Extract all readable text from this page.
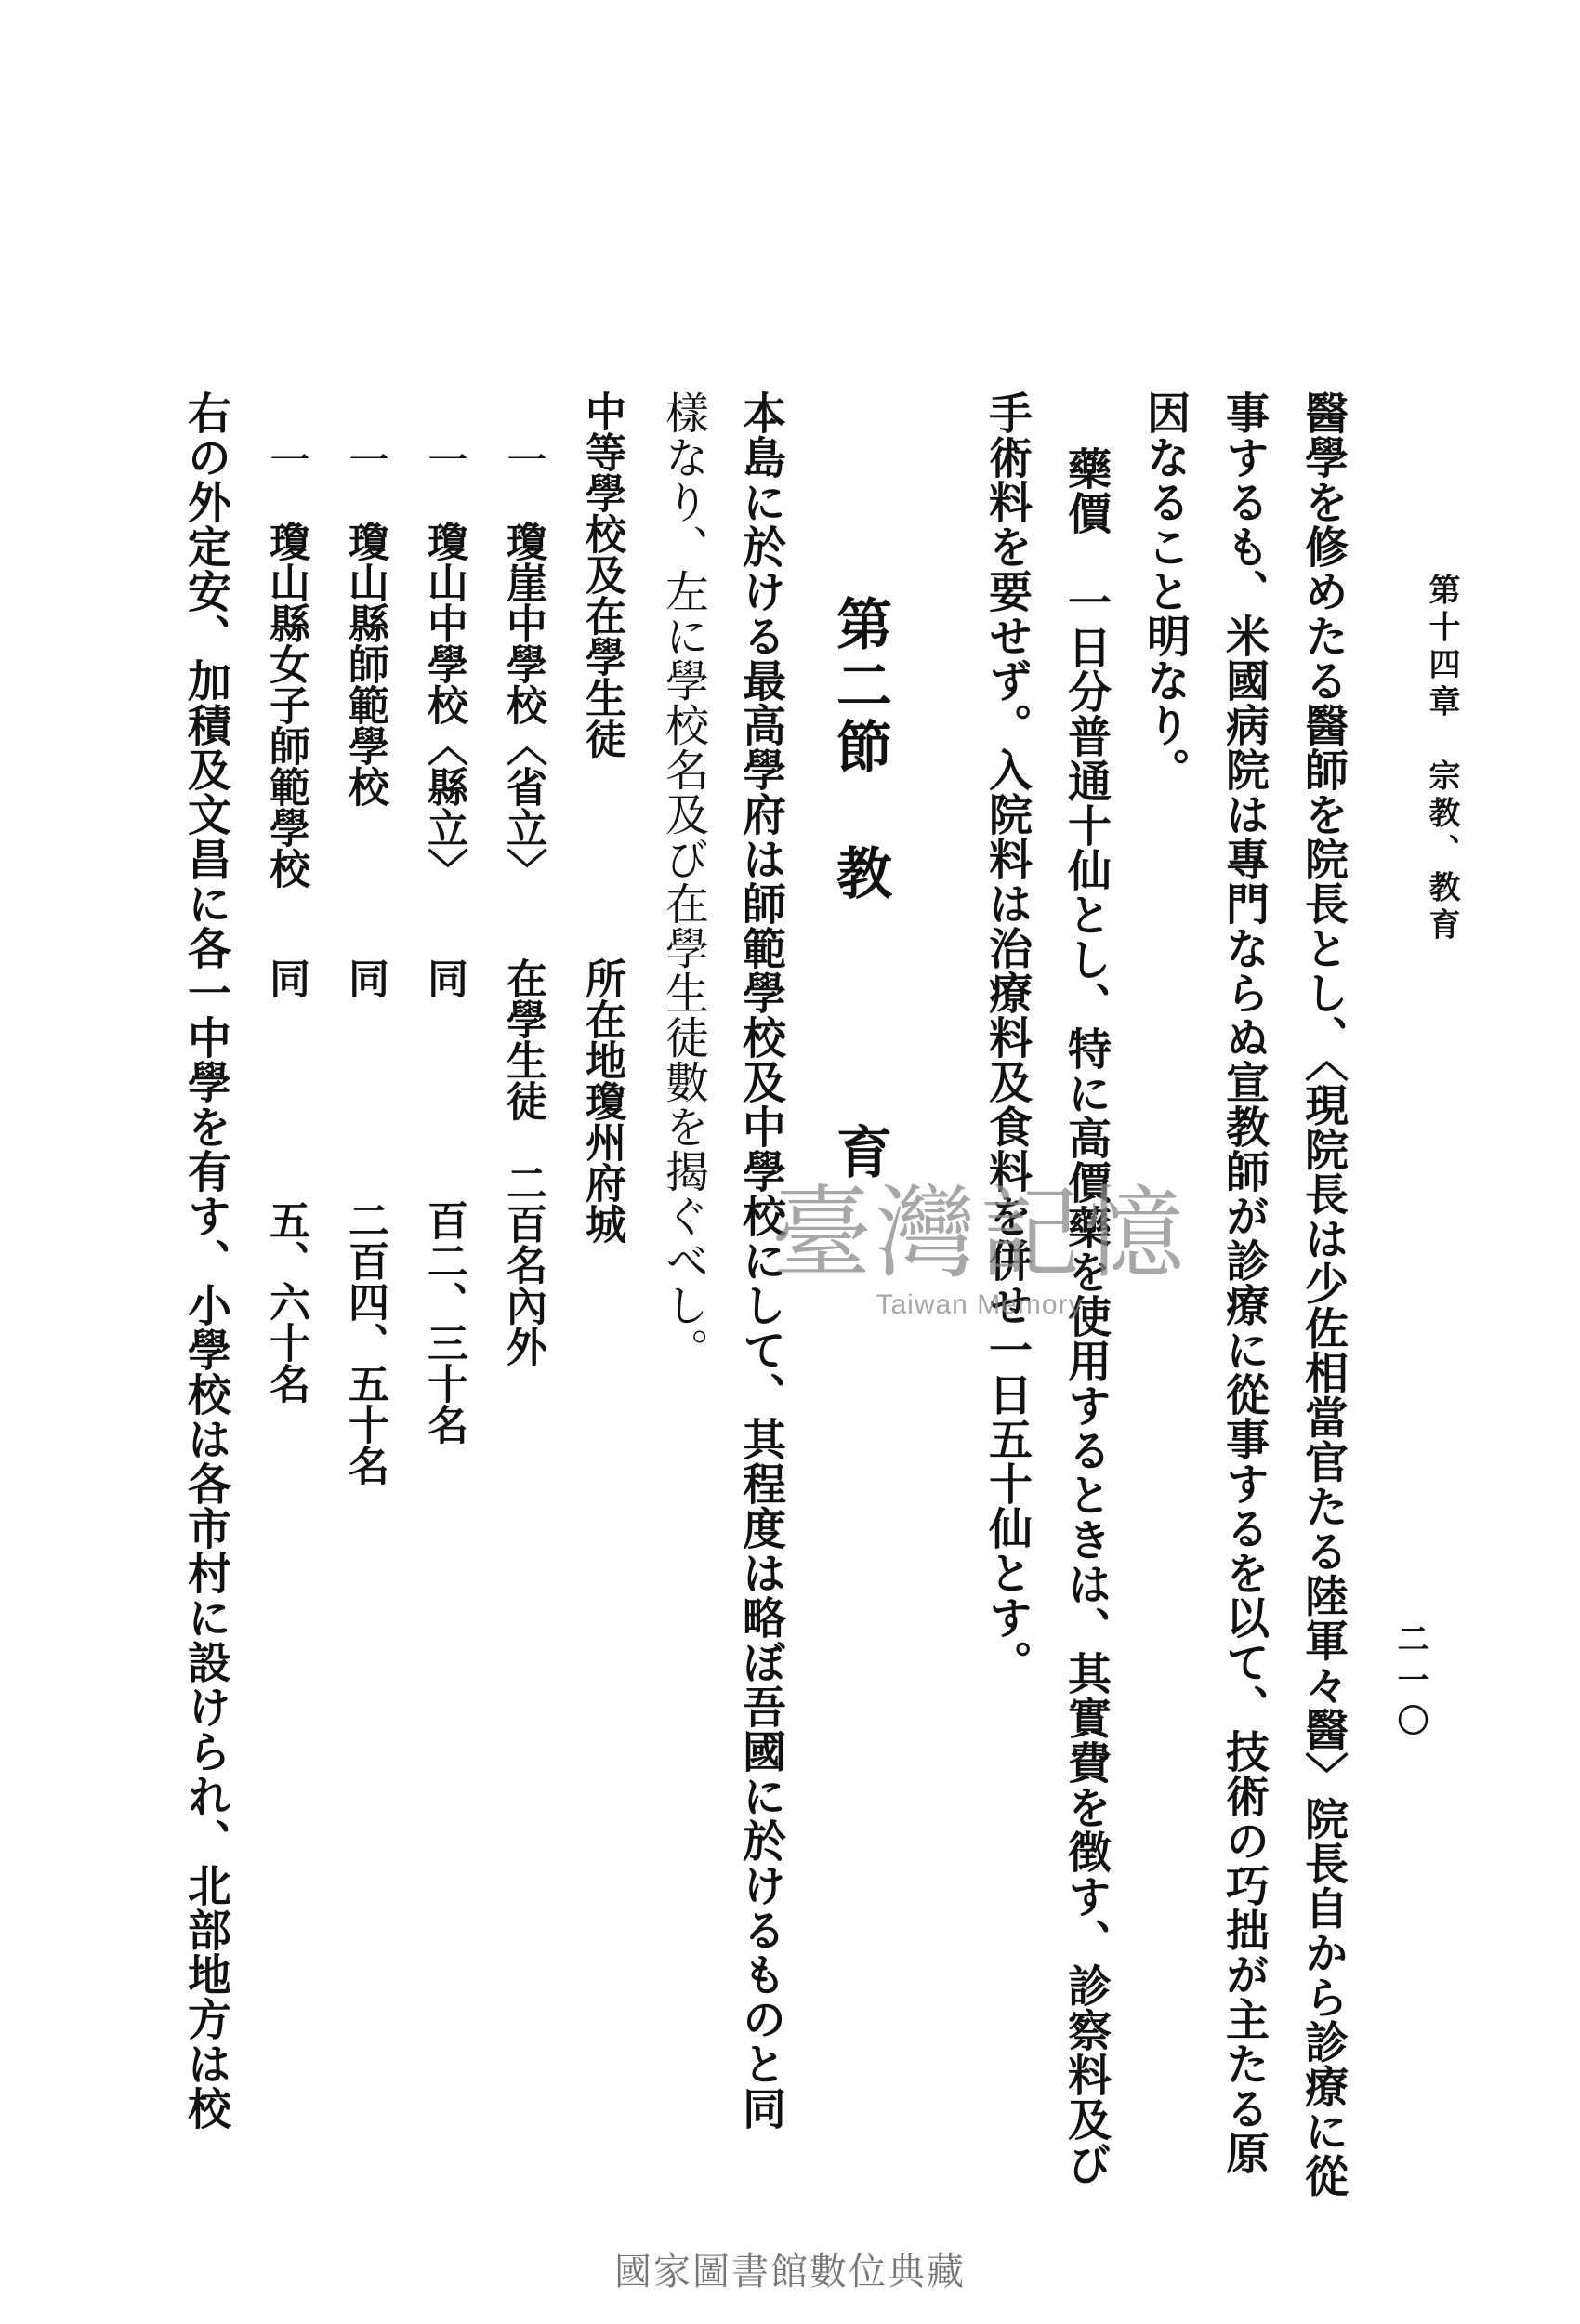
第十四章　宗教、教育

二一〇
醫學を修めたる醫師を院長とし、〈現院長は少佐相當官たる陸軍々醫〉院長自から診療に從
事するも、米國病院は專門ならぬ宣教師が診療に從事するを以て、技術の巧拙が主たる原
因なること明なり。
藥價　一日分普通十仙とし、特に高價藥を使用するときは、其實費を徴す、診察料及び
手術料を要せず。入院料は治療料及食料を併せ一日五十仙とす。
第二節
教　育
本島に於ける最高學府は師範學校及中學校にして、其程度は略ぼ吾國に於けるものと同
樣なり、左に學校名及び在學生徒數を揭ぐべし。
中等學校及在學生徒
所在地瓊州府城
一
瓊崖中學校〈省立〉
在學生徒　二百名內外
一
瓊山中學校〈縣立〉
同
百二、三十名
一
瓊山縣師範學校
同
二百四、五十名
一
瓊山縣女子師範學校
同
五、六十名
右の外定安、加積及文昌に各一中學を有す、小學校は各市村に設けられ、北部地方は校	臺灣記憶
Taiwan Memory
國家圖書館數位典藏
